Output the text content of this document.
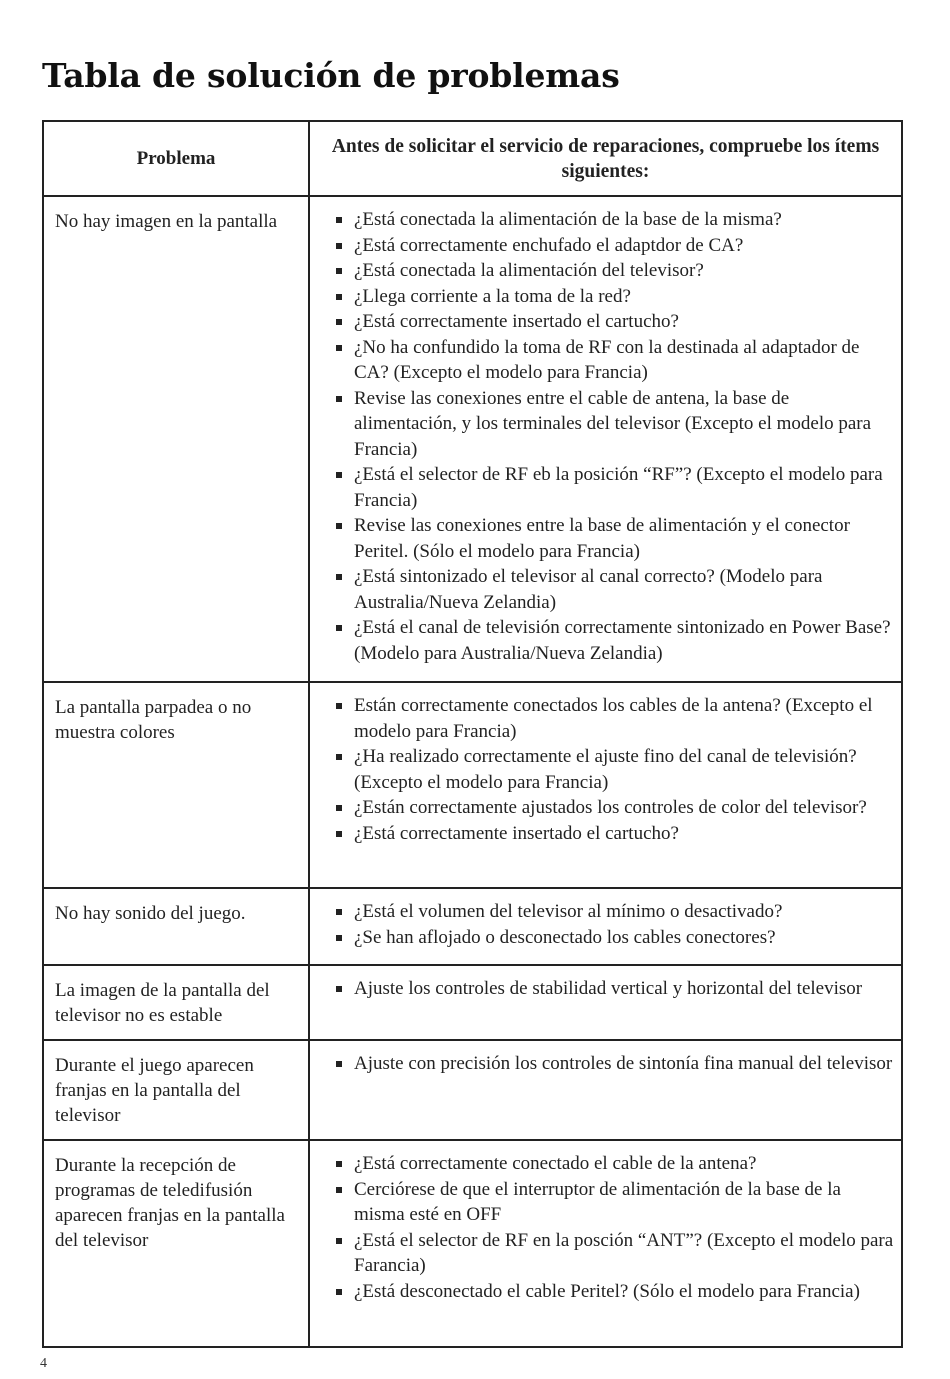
Tabla de solución de problemas
Problema
Antes de solicitar el servicio de reparaciones, compruebe los ítems siguientes:
No hay imagen en la pantalla	¿Está conectada la alimentación de la base de la misma?
¿Está correctamente enchufado el adaptdor de CA?
¿Está conectada la alimentación del televisor?
¿Llega corriente a la toma de la red?
¿Está correctamente insertado el cartucho?
¿No ha confundido la toma de RF con la destinada al adaptador de CA? (Excepto el modelo para Francia)
Revise las conexiones entre el cable de antena, la base de alimentación, y los terminales del televisor (Excepto el modelo para Francia)
¿Está el selector de RF eb la posición “RF”? (Excepto el modelo para Francia)
Revise las conexiones entre la base de alimentación y el conector Peritel. (Sólo el modelo para Francia)
¿Está sintonizado el televisor al canal correcto? (Modelo para Australia/Nueva Zelandia)
¿Está el canal de televisión correctamente sintonizado en Power Base? (Modelo para Australia/Nueva Zelandia)
La pantalla parpadea o no muestra colores
Están correctamente conectados los cables de la antena? (Excepto el modelo para Francia)
¿Ha realizado correctamente el ajuste fino del canal de televisión? (Excepto el modelo para Francia)
¿Están correctamente ajustados los controles de color del televisor?
¿Está correctamente insertado el cartucho?
No hay sonido del juego.	¿Está el volumen del televisor al mínimo o desactivado?
¿Se han aflojado o desconectado los cables conectores?
La imagen de la pantalla del televisor no es estable
Ajuste los controles de stabilidad vertical y horizontal del televisor
Durante el juego aparecen franjas en la pantalla del televisor
Ajuste con precisión los controles de sintonía fina manual del televisor
Durante la recepción de programas de teledifusión aparecen franjas en la pantalla del televisor
¿Está correctamente conectado el cable de la antena?
Cerciórese de que el interruptor de alimentación de la base de la misma esté en OFF
¿Está el selector de RF en la posción “ANT”? (Excepto el modelo para Farancia)
¿Está desconectado el cable Peritel? (Sólo el modelo para Francia)
4
